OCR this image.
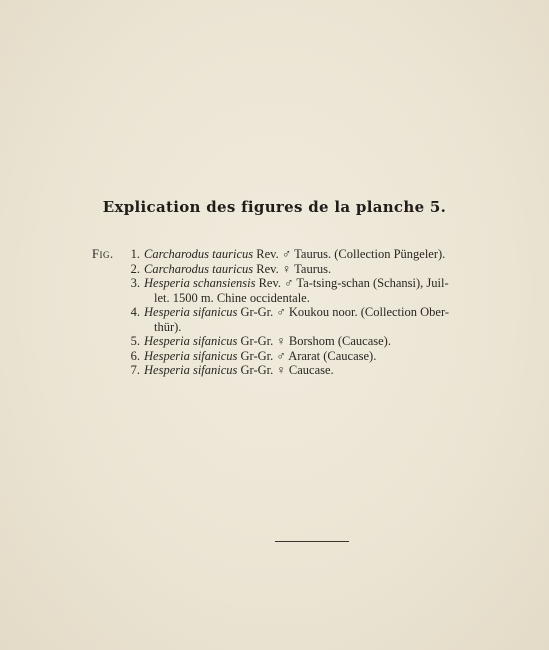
Explication des figures de la planche 5.
Fig.	1. Carcharodus tauricus Rev. ♂ Taurus. (Collection Püngeler).
2. Carcharodus tauricus Rev. ♀ Taurus.
3. Hesperia schansiensis Rev. ♂ Ta-tsing-schan (Schansi), Juil-
let. 1500 m. Chine occidentale.
4. Hesperia sifanicus Gr-Gr. ♂ Koukou noor. (Collection Ober-
thür).
5. Hesperia sifanicus Gr-Gr. ♀ Borshom (Caucase).
6. Hesperia sifanicus Gr-Gr. ♂ Ararat (Caucase).
7. Hesperia sifanicus Gr-Gr. ♀ Caucase.
